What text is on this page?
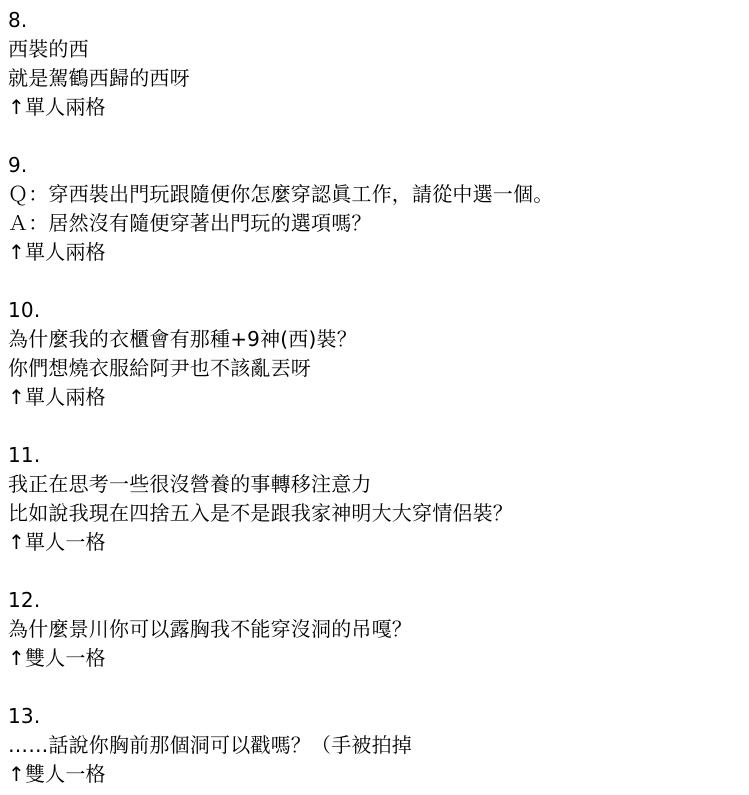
8.
西裝的西
就是駕鶴西歸的西呀
↑單人兩格
9.
Ｑ：穿西裝出門玩跟隨便你怎麼穿認眞工作，請從中選一個。
Ａ：居然沒有隨便穿著出門玩的選項嗎？
↑單人兩格
10.
為什麼我的衣櫃會有那種+9神(西)裝？
你們想燒衣服給阿尹也不該亂丟呀
↑單人兩格
11.
我正在思考一些很沒營養的事轉移注意力
比如說我現在四捨五入是不是跟我家神明大大穿情侶裝？
↑單人一格
12.
為什麼景川你可以露胸我不能穿沒洞的吊嘎？
↑雙人一格
13.
……話說你胸前那個洞可以戳嗎？（手被拍掉
↑雙人一格
